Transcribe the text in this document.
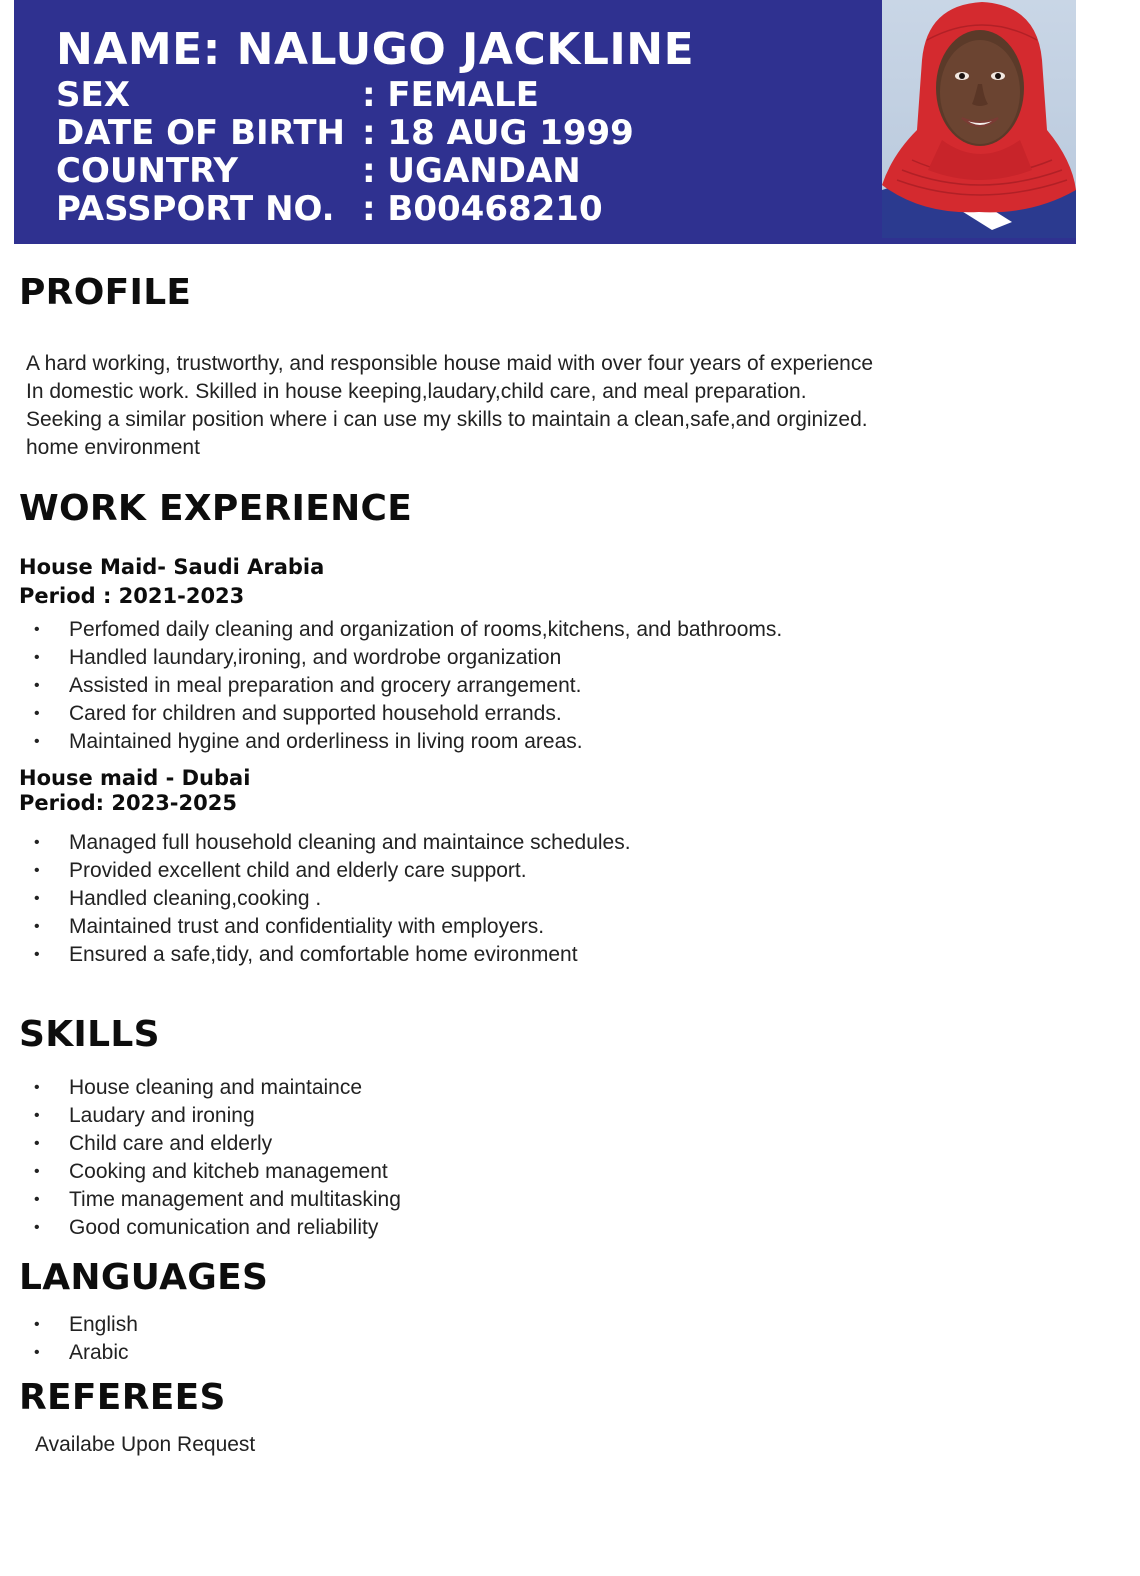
NAME: NALUGO JACKLINE
SEX	: FEMALE
DATE OF BIRTH : 18 AUG 1999
COUNTRY	: UGANDAN
PASSPORT NO. : B00468210
PROFILE
A hard working, trustworthy, and responsible house maid with over four years of experience
In domestic work. Skilled in house keeping,laudary,child care, and meal preparation.
Seeking a similar position where i can use my skills to maintain a clean,safe,and orginized.
home environment
WORK EXPERIENCE
House Maid- Saudi Arabia
Period : 2021-2023
• Perfomed daily cleaning and organization of rooms,kitchens, and bathrooms.
• Handled laundary,ironing, and wordrobe organization
• Assisted in meal preparation and grocery arrangement.
• Cared for children and supported household errands.
• Maintained hygine and orderliness in living room areas.
House maid - Dubai
Period: 2023-2025
• Managed full household cleaning and maintaince schedules.
• Provided excellent child and elderly care support.
• Handled cleaning,cooking .
• Maintained trust and confidentiality with employers.
• Ensured a safe,tidy, and comfortable home evironment
SKILLS
• House cleaning and maintaince
• Laudary and ironing
• Child care and elderly
• Cooking and kitcheb management
• Time management and multitasking
• Good comunication and reliability
LANGUAGES
• English
• Arabic
REFEREES

Availabe Upon Request
